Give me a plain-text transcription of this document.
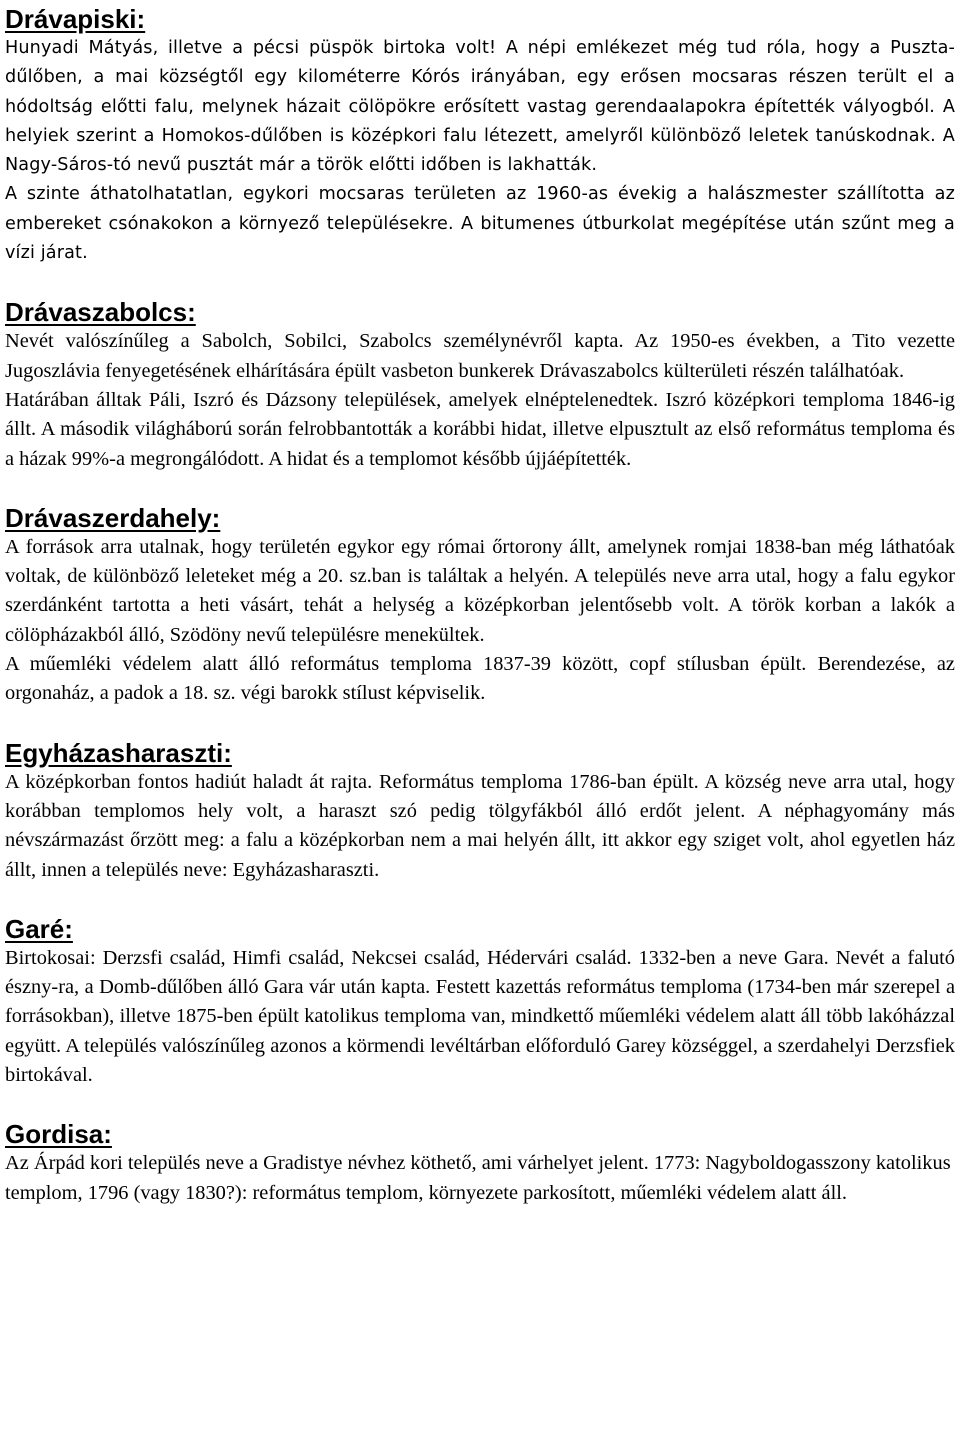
Drávapiski:

Hunyadi Mátyás, illetve a pécsi püspök birtoka volt! A népi emlékezet még tud róla, hogy a Puszta-dűlőben, a mai községtől egy kilométerre Kórós irányában, egy erősen mocsaras részen terült el a hódoltság előtti falu, melynek házait cölöpökre erősített vastag gerendaalapokra építették vályogból. A helyiek szerint a Homokos-dűlőben is középkori falu létezett, amelyről különböző leletek tanúskodnak. A Nagy-Sáros-tó nevű pusztát már a török előtti időben is lakhatták.

A szinte áthatolhatatlan, egykori mocsaras területen az 1960-as évekig a halászmester szállította az embereket csónakokon a környező településekre. A bitumenes útburkolat megépítése után szűnt meg a vízi járat.

Drávaszabolcs:

Nevét valószínűleg a Sabolch, Sobilci, Szabolcs személynévről kapta. Az 1950-es években, a Tito vezette Jugoszlávia fenyegetésének elhárítására épült vasbeton bunkerek Drávaszabolcs külterületi részén találhatóak.

Határában álltak Páli, Iszró és Dázsony települések, amelyek elnéptelenedtek. Iszró középkori temploma 1846-ig állt. A második világháború során felrobbantották a korábbi hidat, illetve elpusztult az első református temploma és a házak 99%-a megrongálódott. A hidat és a templomot később újjáépítették.

Drávaszerdahely:

A források arra utalnak, hogy területén egykor egy római őrtorony állt, amelynek romjai 1838-ban még láthatóak voltak, de különböző leleteket még a 20. sz.ban is találtak a helyén. A település neve arra utal, hogy a falu egykor szerdánként tartotta a heti vásárt, tehát a helység a középkorban jelentősebb volt. A török korban a lakók a cölöpházakból álló, Szödöny nevű településre menekültek.

A műemléki védelem alatt álló református temploma 1837-39 között, copf stílusban épült. Berendezése, az orgonaház, a padok a 18. sz. végi barokk stílust képviselik.

Egyházasharaszti:

A középkorban fontos hadiút haladt át rajta. Református temploma 1786-ban épült. A község neve arra utal, hogy korábban templomos hely volt, a haraszt szó pedig tölgyfákból álló erdőt jelent. A néphagyomány más névszármazást őrzött meg: a falu a középkorban nem a mai helyén állt, itt akkor egy sziget volt, ahol egyetlen ház állt, innen a település neve: Egyházasharaszti.

Garé:

Birtokosai: Derzsfi család, Himfi család, Nekcsei család, Hédervári család. 1332-ben a neve Gara. Nevét a falutó észny-ra, a Domb-dűlőben álló Gara vár után kapta. Festett kazettás református temploma (1734-ben már szerepel a forrásokban), illetve 1875-ben épült katolikus temploma van, mindkettő műemléki védelem alatt áll több lakóházzal együtt. A település valószínűleg azonos a körmendi levéltárban előforduló Garey községgel, a szerdahelyi Derzsfiek birtokával.

Gordisa:

Az Árpád kori település neve a Gradistye névhez köthető, ami várhelyet jelent. 1773: Nagyboldogasszony katolikus templom, 1796 (vagy 1830?): református templom, környezete parkosított, műemléki védelem alatt áll.
